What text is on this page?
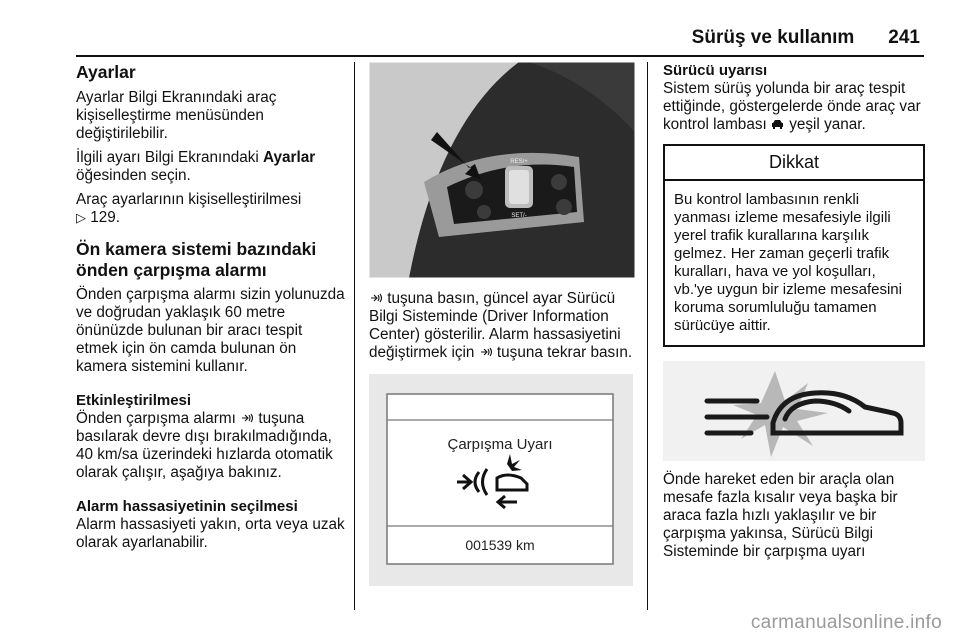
Sürüş ve kullanım 241
Ayarlar

Ayarlar Bilgi Ekranındaki araç kişiselleştirme menüsünden değiştirilebilir.

İlgili ayarı Bilgi Ekranındaki Ayarlar öğesinden seçin.

Araç ayarlarının kişiselleştirilmesi
▷ 129.

Ön kamera sistemi bazındaki önden çarpışma alarmı

Önden çarpışma alarmı sizin yolunuzda ve doğrudan yaklaşık 60 metre önünüzde bulunan bir aracı tespit etmek için ön camda bulunan ön kamera sistemini kullanır.

Etkinleştirilmesi

Önden çarpışma alarmı  tuşuna basılarak devre dışı bırakılmadığında, 40 km/sa üzerindeki hızlarda otomatik olarak çalışır, aşağıya bakınız.

Alarm hassasiyetinin seçilmesi

Alarm hassasiyeti yakın, orta veya uzak olarak ayarlanabilir.

RES/+
SET/-

tuşuna basın, güncel ayar Sürücü Bilgi Sisteminde (Driver Information Center) gösterilir. Alarm hassasiyetini değiştirmek için  tuşuna tekrar basın.

Çarpışma Uyarı
001539 km
Sürücü uyarısı

Sistem sürüş yolunda bir araç tespit ettiğinde, göstergelerde önde araç var kontrol lambası  yeşil yanar.

Dikkat
Bu kontrol lambasının renkli yanması izleme mesafesiyle ilgili yerel trafik kurallarına karşılık gelmez. Her zaman geçerli trafik kuralları, hava ve yol koşulları, vb.'ye uygun bir izleme mesafesini koruma sorumluluğu tamamen sürücüye aittir.

Önde hareket eden bir araçla olan mesafe fazla kısalır veya başka bir araca fazla hızlı yaklaşılır ve bir çarpışma yakınsa, Sürücü Bilgi Sisteminde bir çarpışma uyarı

carmanualsonline.info
